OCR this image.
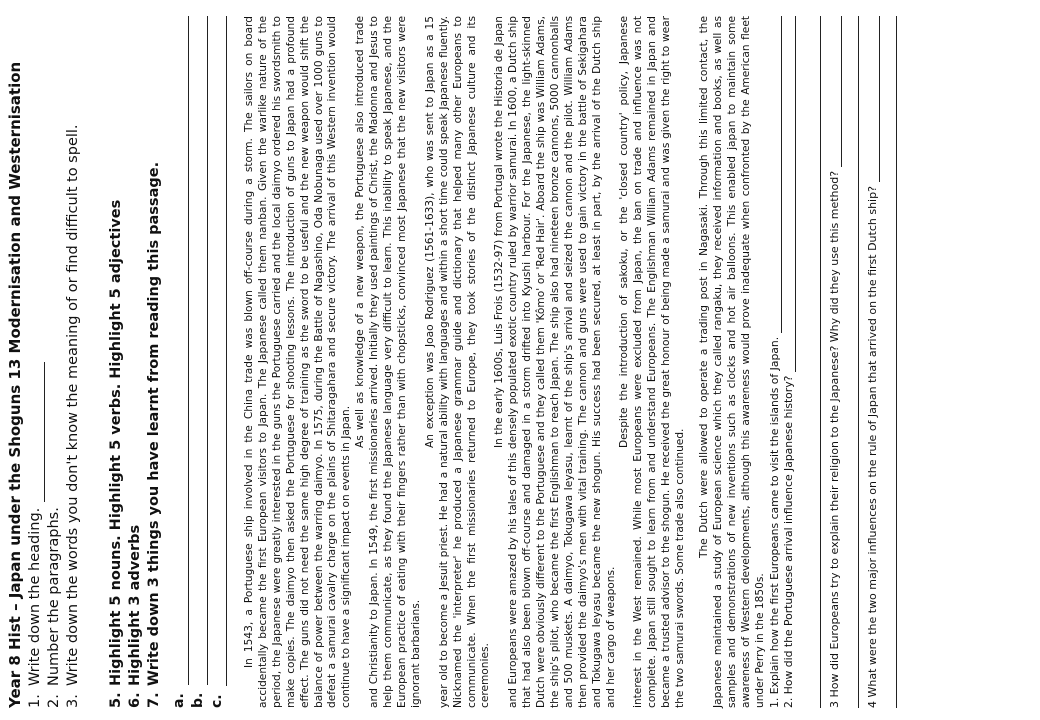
Year 8 Hist – Japan under the Shoguns 13 Modernisation and Westernisation 1.Write down the heading.
2.Number the paragraphs.
3.Write down the words you don't know the meaning of or find difficult to spell.
5.Highlight 5 nouns. Highlight 5 verbs. Highlight 5 adjectives
6.Highlight 3 adverbs
7.Write down 3 things you have learnt from reading this passage.
a. b. c.

In 1543, a Portuguese ship involved in the China trade was blown off-course during a storm. The sailors on board accidentally became the first European visitors to Japan. The Japanese called them nanban. Given the warlike nature of the period, the Japanese were greatly interested in the guns the Portuguese carried and the local daimyo ordered his swordsmith to make copies. The daimyo then asked the Portuguese for shooting lessons. The introduction of guns to Japan had a profound effect. The guns did not need the same high degree of training as the sword to be useful and the new weapon would shift the balance of power between the warring daimyo. In 1575, during the Battle of Nagashino, Oda Nobunaga used over 1000 guns to defeat a samurai cavalry charge on the plains of Shitaragahara and secure victory. The arrival of this Western invention would continue to have a significant impact on events in Japan.

As well as knowledge of a new weapon, the Portuguese also introduced trade and Christianity to Japan. In 1549, the first missionaries arrived. Initially they used paintings of Christ, the Madonna and Jesus to help them communicate, as they found the Japanese language very difficult to learn. This inability to speak Japanese, and the European practice of eating with their fingers rather than with chopsticks, convinced most Japanese that the new visitors were ignorant barbarians.

An exception was Joao Rodriguez (1561-1633), who was sent to Japan as a 15 year old to become a Jesuit priest. He had a natural ability with languages and within a short time could speak Japanese fluently. Nicknamed the 'interpreter' he produced a Japanese grammar guide and dictionary that helped many other Europeans to communicate. When the first missionaries returned to Europe, they took stories of the distinct Japanese culture and its ceremonies.

In the early 1600s, Luis Frois (1532-97) from Portugal wrote the Historia de Japan and Europeans were amazed by his tales of this densely populated exotic country ruled by warrior samurai. In 1600, a Dutch ship that had also been blown off-course and damaged in a storm drifted into Kyushi harbour. For the Japanese, the light-skinned Dutch were obviously different to the Portuguese and they called them 'Kômo' or 'Red Hair'. Aboard the ship was William Adams, the ship's pilot, who became the first Englishman to reach Japan. The ship also had nineteen bronze cannons, 5000 cannonballs and 500 muskets. A daimyo, Tokugawa Ieyasu, learnt of the ship's arrival and seized the cannon and the pilot. William Adams then provided the daimyo's men with vital training. The cannon and guns were used to gain victory in the battle of Sekigahara and Tokugawa Ieyasu became the new shogun. His success had been secured, at least in part, by the arrival of the Dutch ship and her cargo of weapons.

Despite the introduction of sakoku, or the 'closed country' policy, Japanese interest in the West remained. While most Europeans were excluded from Japan, the ban on trade and influence was not complete. Japan still sought to learn from and understand Europeans. The Englishman William Adams remained in Japan and became a trusted advisor to the shogun. He received the great honour of being made a samurai and was given the right to wear the two samurai swords. Some trade also continued.

The Dutch were allowed to operate a trading post in Nagasaki. Through this limited contact, the Japanese maintained a study of European science which they called rangaku, they received information and books, as well as samples and demonstrations of new inventions such as clocks and hot air balloons. This enabled japan to maintain some awareness of Western developments, although this awareness would prove inadequate when confronted by the American fleet under Perry in the 1850s. 1. Explain how the first Europeans came to visit the islands of Japan. 2. How did the Portuguese arrival influence Japanese history?	3 How did Europeans try to explain their religion to the Japanese? Why did they use this method? 4 What were the two major influences on the rule of Japan that arrived on the first Dutch ship?
